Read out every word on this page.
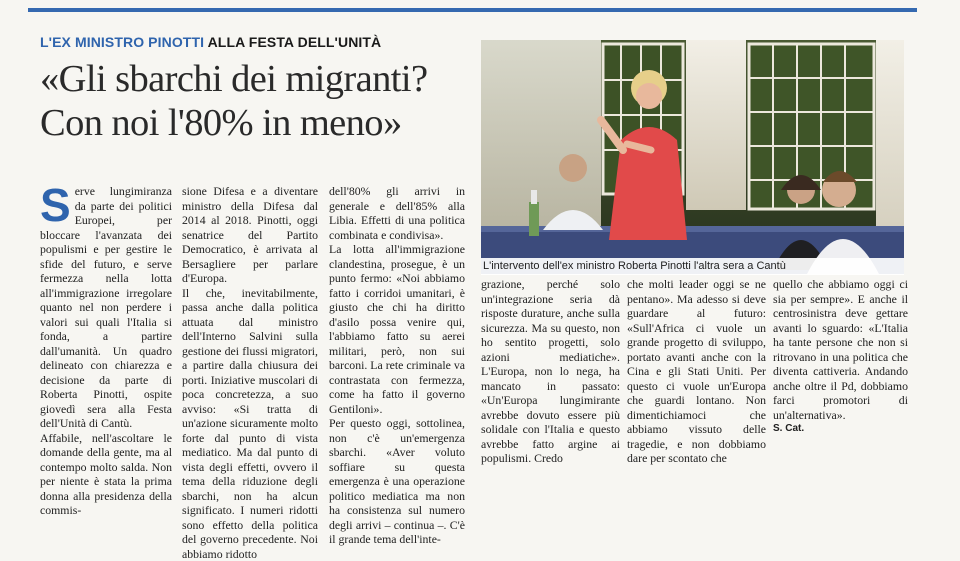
L'EX MINISTRO PINOTTI ALLA FESTA DELL'UNITÀ
«Gli sbarchi dei migranti?
Con noi l'80% in meno»

Serve lungimiranza da parte dei politici Europei, per bloccare l'avanzata dei populismi e per gestire le sfide del futuro, e serve fermezza nella lotta all'immigrazione irregolare quanto nel non perdere i valori sui quali l'Italia si fonda, a partire dall'umanità. Un quadro delineato con chiarezza e decisione da parte di Roberta Pinotti, ospite giovedì sera alla Festa dell'Unità di Cantù.

Affabile, nell'ascoltare le domande della gente, ma al contempo molto salda. Non per niente è stata la prima donna alla presidenza della commis-

sione Difesa e a diventare ministro della Difesa dal 2014 al 2018. Pinotti, oggi senatrice del Partito Democratico, è arrivata al Bersagliere per parlare d'Europa.

Il che, inevitabilmente, passa anche dalla politica attuata dal ministro dell'Interno Salvini sulla gestione dei flussi migratori, a partire dalla chiusura dei porti. Iniziative muscolari di poca concretezza, a suo avviso: «Si tratta di un'azione sicuramente molto forte dal punto di vista mediatico. Ma dal punto di vista degli effetti, ovvero il tema della riduzione degli sbarchi, non ha alcun significato. I numeri ridotti sono effetto della politica del governo precedente. Noi abbiamo ridotto

dell'80% gli arrivi in generale e dell'85% alla Libia. Effetti di una politica combinata e condivisa».

La lotta all'immigrazione clandestina, prosegue, è un punto fermo: «Noi abbiamo fatto i corridoi umanitari, è giusto che chi ha diritto d'asilo possa venire qui, l'abbiamo fatto su aerei militari, però, non sui barconi. La rete criminale va contrastata con fermezza, come ha fatto il governo Gentiloni».

Per questo oggi, sottolinea, non c'è un'emergenza sbarchi. «Aver voluto soffiare su questa emergenza è una operazione politico mediatica ma non ha consistenza sul numero degli arrivi – continua –. C'è il grande tema dell'inte-

L'intervento dell'ex ministro Roberta Pinotti l'altra sera a Cantù

grazione, perché solo un'integrazione seria dà risposte durature, anche sulla sicurezza. Ma su questo, non ho sentito progetti, solo azioni mediatiche». L'Europa, non lo nega, ha mancato in passato: «Un'Europa lungimirante avrebbe dovuto essere più solidale con l'Italia e questo avrebbe fatto argine ai populismi. Credo

che molti leader oggi se ne pentano». Ma adesso si deve guardare al futuro: «Sull'Africa ci vuole un grande progetto di sviluppo, portato avanti anche con la Cina e gli Stati Uniti. Per questo ci vuole un'Europa che guardi lontano. Non dimentichiamoci che abbiamo vissuto delle tragedie, e non dobbiamo dare per scontato che

quello che abbiamo oggi ci sia per sempre». E anche il centrosinistra deve gettare avanti lo sguardo: «L'Italia ha tante persone che non si ritrovano in una politica che diventa cattiveria. Andando anche oltre il Pd, dobbiamo farci promotori di un'alternativa».

S. Cat.
